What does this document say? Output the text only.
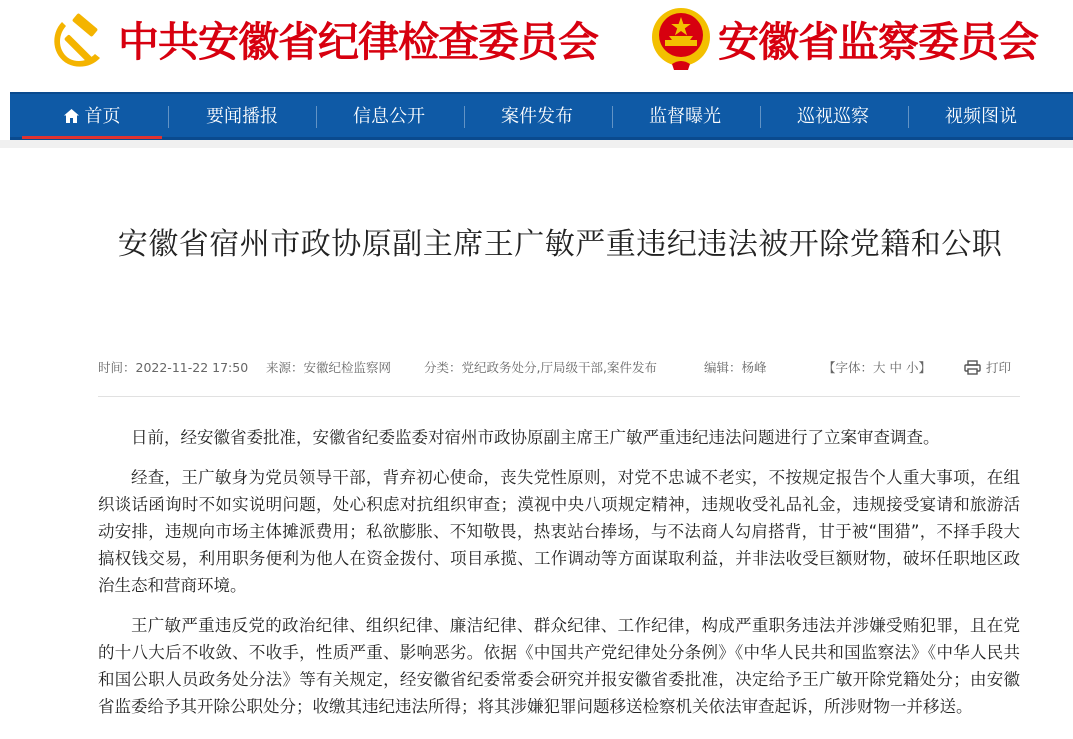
中共安徽省纪律检查委员会	安徽省监察委员会
首页	要闻播报	信息公开	案件发布	监督曝光	巡视巡察	视频图说
安徽省宿州市政协原副主席王广敏严重违纪违法被开除党籍和公职
时间：2022-11-22 17:50 来源：安徽纪检监察网	分类：党纪政务处分,厅局级干部,案件发布	编辑：杨峰	【字体：大 中 小】	打印

日前，经安徽省委批准，安徽省纪委监委对宿州市政协原副主席王广敏严重违纪违法问题进行了立案审查调查。

经查，王广敏身为党员领导干部，背弃初心使命，丧失党性原则，对党不忠诚不老实，不按规定报告个人重大事项，在组织谈话函询时不如实说明问题，处心积虑对抗组织审查；漠视中央八项规定精神，违规收受礼品礼金，违规接受宴请和旅游活动安排，违规向市场主体摊派费用；私欲膨胀、不知敬畏，热衷站台捧场，与不法商人勾肩搭背，甘于被“围猎”，不择手段大搞权钱交易，利用职务便利为他人在资金拨付、项目承揽、工作调动等方面谋取利益，并非法收受巨额财物，破坏任职地区政治生态和营商环境。

王广敏严重违反党的政治纪律、组织纪律、廉洁纪律、群众纪律、工作纪律，构成严重职务违法并涉嫌受贿犯罪，且在党的十八大后不收敛、不收手，性质严重、影响恶劣。依据《中国共产党纪律处分条例》《中华人民共和国监察法》《中华人民共和国公职人员政务处分法》等有关规定，经安徽省纪委常委会研究并报安徽省委批准，决定给予王广敏开除党籍处分；由安徽省监委给予其开除公职处分；收缴其违纪违法所得；将其涉嫌犯罪问题移送检察机关依法审查起诉，所涉财物一并移送。
